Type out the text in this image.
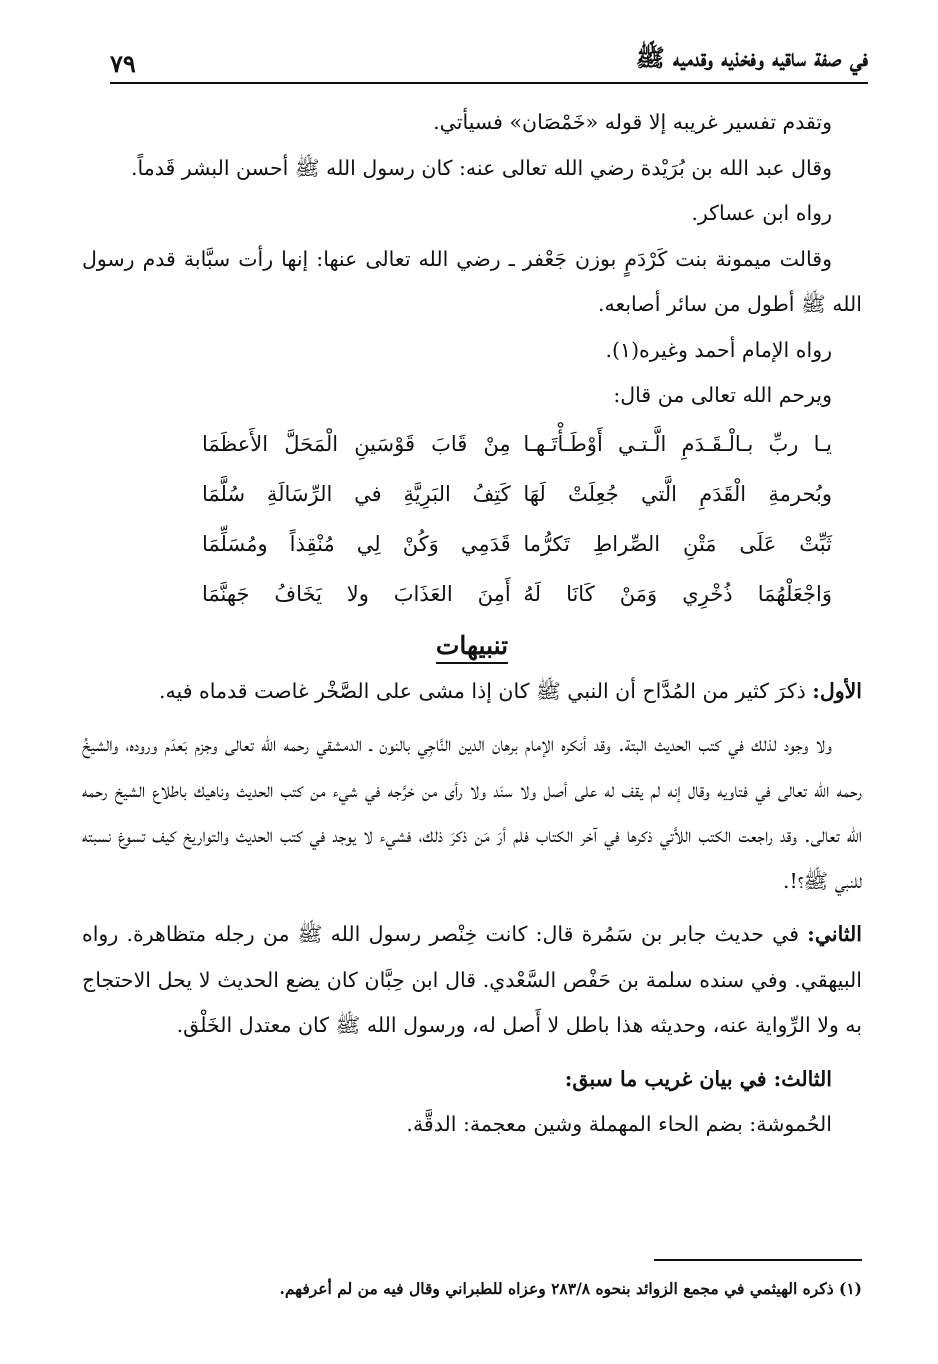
في صفة ساقيه وفخذيه وقدميه ﷺ
٧٩

وتقدم تفسير غريبه إلا قوله «خَمْصَان» فسيأتي.

وقال عبد الله بن بُرَيْدة رضي الله تعالى عنه: كان رسول الله ﷺ أحسن البشر قَدماً.

رواه ابن عساكر.

وقالت ميمونة بنت كَرْدَمٍ بوزن جَعْفر ـ رضي الله تعالى عنها: إنها رأت سبَّابة قدم رسول الله ﷺ أطول من سائر أصابعه.

رواه الإمام أحمد وغيره(١).

ويرحم الله تعالى من قال:

يـا ربِّ بـالْـقَـدَمِ الَّـتـي أَوْطَـأْتَـهـا
مِنْ قَابَ قَوْسَينِ الْمَحَلَّ الأَعظَمَا
وبُحرمةِ الْقَدَمِ الَّتي جُعِلَتْ لَهَا
كَتِفُ البَرِيَّةِ في الرِّسَالَةِ سُلَّمَا
ثَبِّتْ عَلَى مَتْنِ الصِّراطِ تَكرُّما
قَدَمِي وَكُنْ لِي مُنْقِذاً ومُسَلِّمَا
وَاجْعَلْهُمَا ذُخْرِي وَمَنْ كَانَا لَهُ
أَمِنَ العَذَابَ ولا يَخَافُ جَهنَّمَا
تنبيهات

الأول: ذكرَ كثير من المُدَّاح أن النبي ﷺ كان إذا مشى على الصَّخْر غاصت قدماه فيه.

ولا وجود لذلك في كتب الحديث البتة. وقد أنكره الإمام برهان الدين النَّاجِي بالنون ـ الدمشقي رحمه الله تعالى وجزم بَعدَم وروده، والشيخُ رحمه الله تعالى في فتاويه وقال إنه لم يقف له على أصل ولا سنَد ولا رأى من خرَّجه في شيء من كتب الحديث وناهيك باطلاع الشيخ رحمه الله تعالى. وقد راجعت الكتب اللاَّتي ذكرها في آخر الكتاب فلم أرَ مَن ذكرَ ذلك، فشيء لا يوجد في كتب الحديث والتواريخ كيف تسوغ نسبته للنبي ﷺ؟!.

الثاني: في حديث جابر بن سَمُرة قال: كانت خِنْصر رسول الله ﷺ من رجله متظاهرة. رواه البيهقي. وفي سنده سلمة بن حَفْص السَّعْدي. قال ابن حِبَّان كان يضع الحديث لا يحل الاحتجاج به ولا الرِّواية عنه، وحديثه هذا باطل لا أَصل له، ورسول الله ﷺ كان معتدل الخَلْق.

الثالث: في بيان غريب ما سبق:

الحُموشة: بضم الحاء المهملة وشين معجمة: الدقَّة.

(١) ذكره الهيثمي في مجمع الزوائد بنحوه ٢٨٣/٨ وعزاه للطبراني وقال فيه من لم أعرفهم.
